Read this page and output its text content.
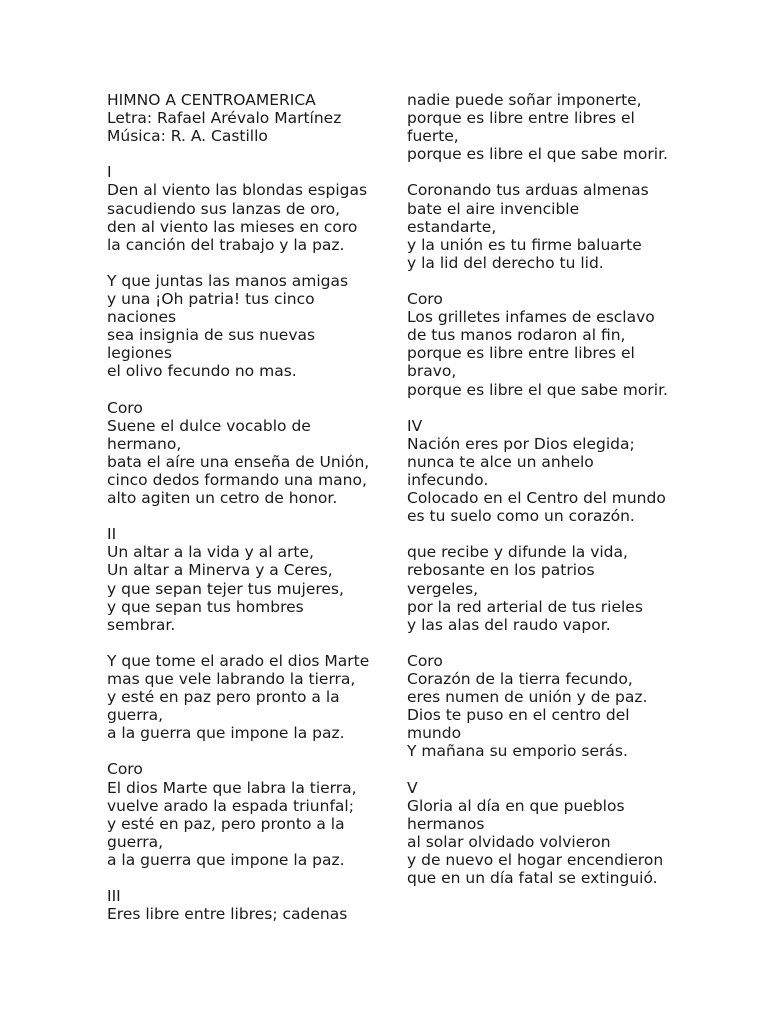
HIMNO A CENTROAMERICA
Letra: Rafael Arévalo Martínez
Música: R. A. Castillo
I
Den al viento las blondas espigas
sacudiendo sus lanzas de oro,
den al viento las mieses en coro
la canción del trabajo y la paz.
Y que juntas las manos amigas
y una ¡Oh patria! tus cinco
naciones
sea insignia de sus nuevas
legiones
el olivo fecundo no mas.
Coro
Suene el dulce vocablo de
hermano,
bata el aíre una enseña de Unión,
cinco dedos formando una mano,
alto agiten un cetro de honor.
II
Un altar a la vida y al arte,
Un altar a Minerva y a Ceres,
y que sepan tejer tus mujeres,
y que sepan tus hombres
sembrar.
Y que tome el arado el dios Marte
mas que vele labrando la tierra,
y esté en paz pero pronto a la
guerra,
a la guerra que impone la paz.
Coro
El dios Marte que labra la tierra,
vuelve arado la espada triunfal;
y esté en paz, pero pronto a la
guerra,
a la guerra que impone la paz.
III
Eres libre entre libres; cadenas
nadie puede soñar imponerte,
porque es libre entre libres el
fuerte,
porque es libre el que sabe morir.
Coronando tus arduas almenas
bate el aire invencible
estandarte,
y la unión es tu firme baluarte
y la lid del derecho tu lid.
Coro
Los grilletes infames de esclavo
de tus manos rodaron al fin,
porque es libre entre libres el
bravo,
porque es libre el que sabe morir.
IV
Nación eres por Dios elegida;
nunca te alce un anhelo
infecundo.
Colocado en el Centro del mundo
es tu suelo como un corazón.
que recibe y difunde la vida,
rebosante en los patrios
vergeles,
por la red arterial de tus rieles
y las alas del raudo vapor.
Coro
Corazón de la tierra fecundo,
eres numen de unión y de paz.
Dios te puso en el centro del
mundo
Y mañana su emporio serás.
V
Gloria al día en que pueblos
hermanos
al solar olvidado volvieron
y de nuevo el hogar encendieron
que en un día fatal se extinguió.
